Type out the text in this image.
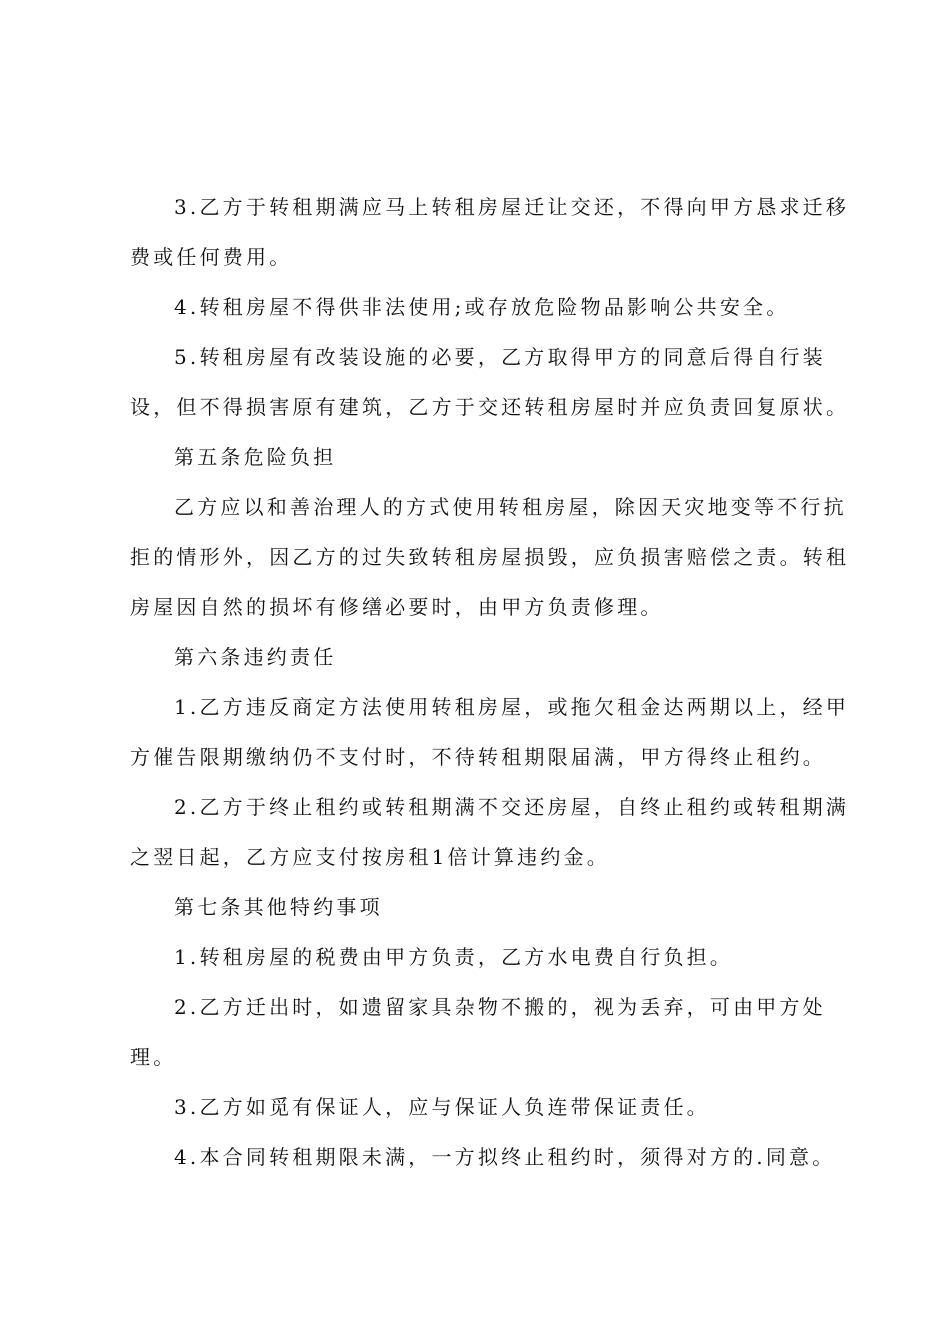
3.乙方于转租期满应马上转租房屋迁让交还，不得向甲方恳求迁移
费或任何费用。
4.转租房屋不得供非法使用;或存放危险物品影响公共安全。
5.转租房屋有改装设施的必要，乙方取得甲方的同意后得自行装
设，但不得损害原有建筑，乙方于交还转租房屋时并应负责回复原状。
第五条危险负担
乙方应以和善治理人的方式使用转租房屋，除因天灾地变等不行抗
拒的情形外，因乙方的过失致转租房屋损毁，应负损害赔偿之责。转租
房屋因自然的损坏有修缮必要时，由甲方负责修理。
第六条违约责任
1.乙方违反商定方法使用转租房屋，或拖欠租金达两期以上，经甲
方催告限期缴纳仍不支付时，不待转租期限届满，甲方得终止租约。
2.乙方于终止租约或转租期满不交还房屋，自终止租约或转租期满
之翌日起，乙方应支付按房租1倍计算违约金。
第七条其他特约事项
1.转租房屋的税费由甲方负责，乙方水电费自行负担。
2.乙方迁出时，如遗留家具杂物不搬的，视为丢弃，可由甲方处
理。
3.乙方如觅有保证人，应与保证人负连带保证责任。
4.本合同转租期限未满，一方拟终止租约时，须得对方的.同意。
